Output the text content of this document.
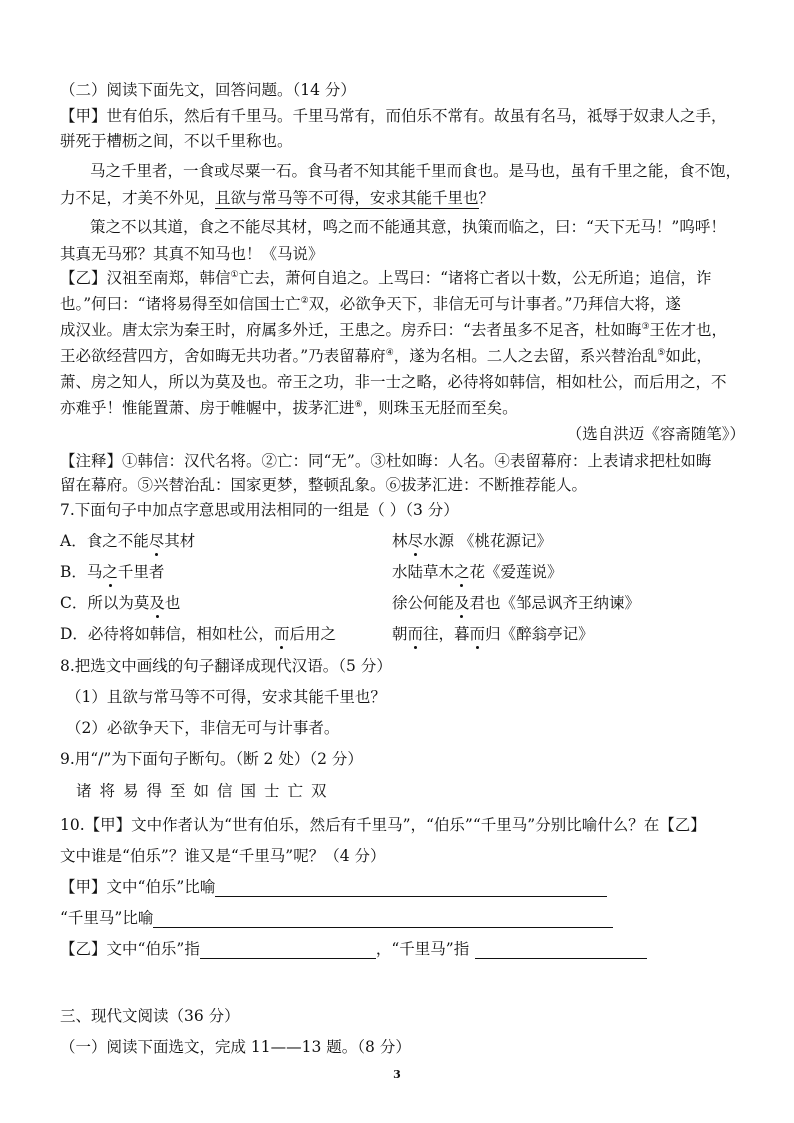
（二）阅读下面先文，回答问题。（14 分）
【甲】世有伯乐，然后有千里马。千里马常有，而伯乐不常有。故虽有名马，祗辱于奴隶人之手，
骈死于槽枥之间，不以千里称也。
马之千里者，一食或尽粟一石。食马者不知其能千里而食也。是马也，虽有千里之能，食不饱，
力不足，才美不外见，且欲与常马等不可得，安求其能千里也？
策之不以其道，食之不能尽其材，鸣之而不能通其意，执策而临之，曰：“天下无马！”呜呼！
其真无马邪？其真不知马也！《马说》
【乙】汉祖至南郑，韩信①亡去，萧何自追之。上骂曰：“诸将亡者以十数，公无所追；追信，诈
也。”何曰：“诸将易得至如信国士亡②双，必欲争天下，非信无可与计事者。”乃拜信大将，遂
成汉业。唐太宗为秦王时，府属多外迁，王患之。房乔曰：“去者虽多不足吝，杜如晦③王佐才也，
王必欲经营四方，舍如晦无共功者。”乃表留幕府④，遂为名相。二人之去留，系兴替治乱⑤如此，
萧、房之知人，所以为莫及也。帝王之功，非一士之略，必待将如韩信，相如杜公，而后用之，不
亦难乎！惟能置萧、房于帷幄中，拔茅汇进⑥，则珠玉无胫而至矣。
（选自洪迈《容斋随笔》）
【注释】①韩信：汉代名将。②亡：同“无”。③杜如晦：人名。④表留幕府：上表请求把杜如晦
留在幕府。⑤兴替治乱：国家更梦，整顿乱象。⑥拔茅汇进：不断推荐能人。
7.下面句子中加点字意思或用法相同的一组是（ ）（3 分）
A．食之不能尽其材	林尽水源 《桃花源记》
B．马之千里者	水陆草木之花《爱莲说》
C．所以为莫及也	徐公何能及君也《邹忌讽齐王纳谏》
D．必待将如韩信，相如杜公，而后用之	朝而往，暮而归《醉翁亭记》
8.把选文中画线的句子翻译成现代汉语。（5 分）
（1）且欲与常马等不可得，安求其能千里也？
（2）必欲争天下，非信无可与计事者。
9.用“/”为下面句子断句。（断 2 处）（2 分）
诸将易得至如信国士亡双
10.【甲】文中作者认为“世有伯乐，然后有千里马”，“伯乐”“千里马”分别比喻什么？在【乙】
文中谁是“伯乐”？谁又是“千里马”呢？（4 分）
【甲】文中“伯乐”比喻
“千里马”比喻
【乙】文中“伯乐”指	，“千里马”指
三、现代文阅读（36 分）
（一）阅读下面选文，完成 11——13 题。（8 分）
3
